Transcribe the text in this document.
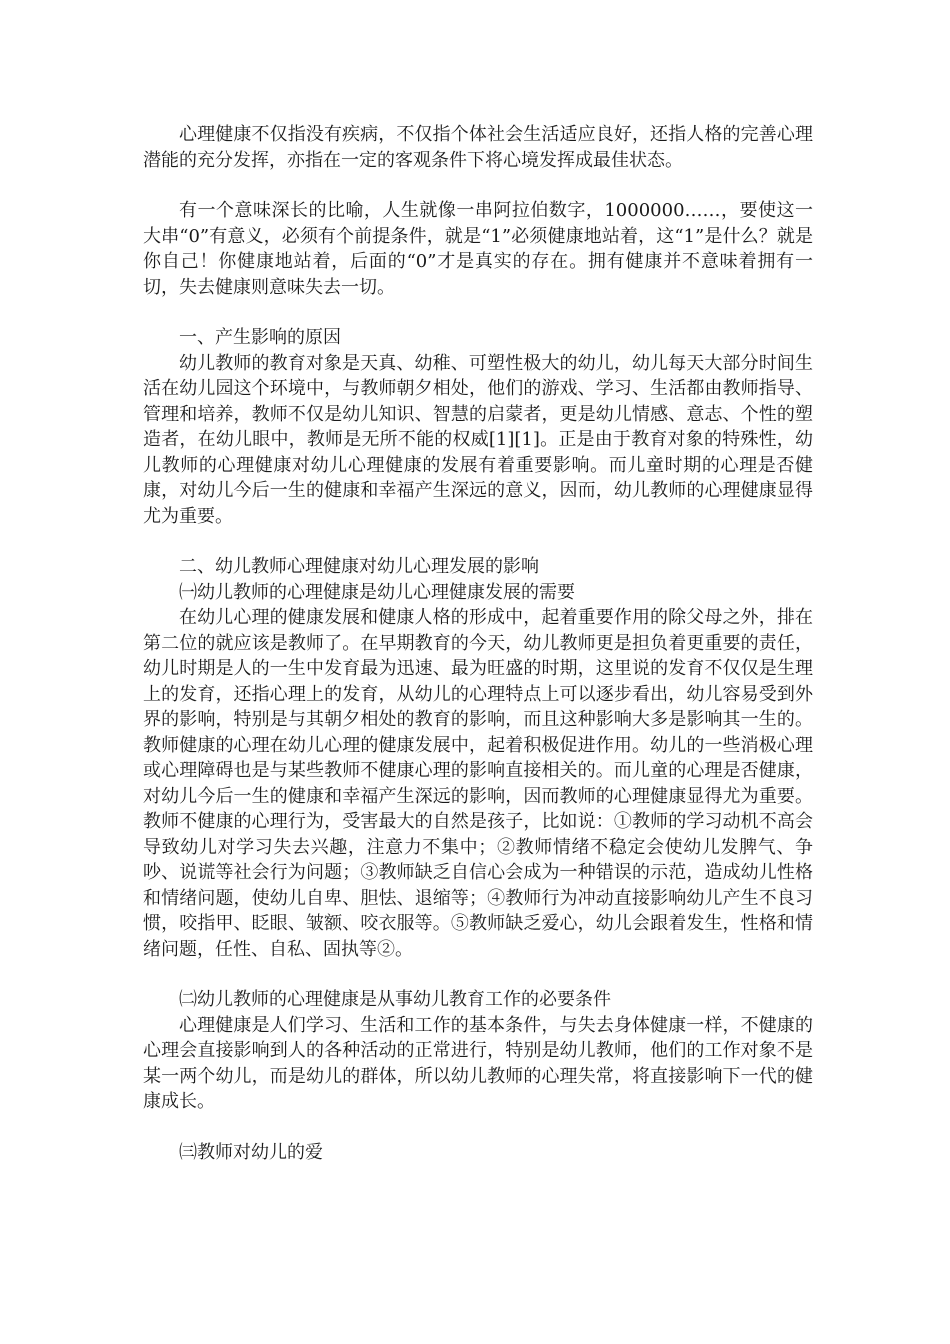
心理健康不仅指没有疾病，不仅指个体社会生活适应良好，还指人格的完善心理潜能的充分发挥，亦指在一定的客观条件下将心境发挥成最佳状态。

有一个意味深长的比喻，人生就像一串阿拉伯数字，1000000……，要使这一大串“0”有意义，必须有个前提条件，就是“1”必须健康地站着，这“1”是什么？就是你自己！你健康地站着，后面的“0”才是真实的存在。拥有健康并不意味着拥有一切，失去健康则意味失去一切。

一、产生影响的原因

幼儿教师的教育对象是天真、幼稚、可塑性极大的幼儿，幼儿每天大部分时间生活在幼儿园这个环境中，与教师朝夕相处，他们的游戏、学习、生活都由教师指导、管理和培养，教师不仅是幼儿知识、智慧的启蒙者，更是幼儿情感、意志、个性的塑造者，在幼儿眼中，教师是无所不能的权威[1][1]。正是由于教育对象的特殊性，幼儿教师的心理健康对幼儿心理健康的发展有着重要影响。而儿童时期的心理是否健康，对幼儿今后一生的健康和幸福产生深远的意义，因而，幼儿教师的心理健康显得尤为重要。

二、幼儿教师心理健康对幼儿心理发展的影响

㈠幼儿教师的心理健康是幼儿心理健康发展的需要

在幼儿心理的健康发展和健康人格的形成中，起着重要作用的除父母之外，排在第二位的就应该是教师了。在早期教育的今天，幼儿教师更是担负着更重要的责任，幼儿时期是人的一生中发育最为迅速、最为旺盛的时期，这里说的发育不仅仅是生理上的发育，还指心理上的发育，从幼儿的心理特点上可以逐步看出，幼儿容易受到外界的影响，特别是与其朝夕相处的教育的影响，而且这种影响大多是影响其一生的。教师健康的心理在幼儿心理的健康发展中，起着积极促进作用。幼儿的一些消极心理或心理障碍也是与某些教师不健康心理的影响直接相关的。而儿童的心理是否健康，对幼儿今后一生的健康和幸福产生深远的影响，因而教师的心理健康显得尤为重要。教师不健康的心理行为，受害最大的自然是孩子，比如说：①教师的学习动机不高会导致幼儿对学习失去兴趣，注意力不集中；②教师情绪不稳定会使幼儿发脾气、争吵、说谎等社会行为问题；③教师缺乏自信心会成为一种错误的示范，造成幼儿性格和情绪问题，使幼儿自卑、胆怯、退缩等；④教师行为冲动直接影响幼儿产生不良习惯，咬指甲、眨眼、皱额、咬衣服等。⑤教师缺乏爱心，幼儿会跟着发生，性格和情绪问题，任性、自私、固执等②。

㈡幼儿教师的心理健康是从事幼儿教育工作的必要条件

心理健康是人们学习、生活和工作的基本条件，与失去身体健康一样，不健康的心理会直接影响到人的各种活动的正常进行，特别是幼儿教师，他们的工作对象不是某一两个幼儿，而是幼儿的群体，所以幼儿教师的心理失常，将直接影响下一代的健康成长。

㈢教师对幼儿的爱
